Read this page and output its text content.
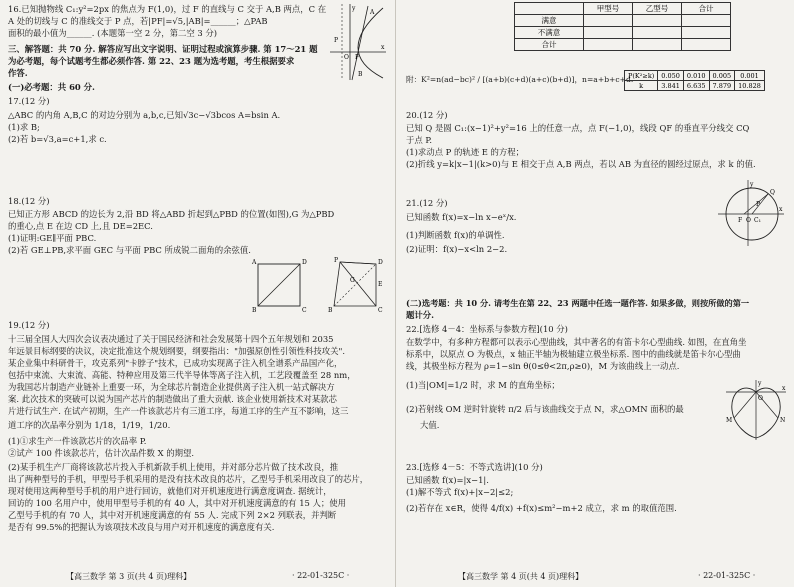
16.已知抛物线 C₁:y²=2px 的焦点为 F(1,0)，过 F 的直线与 C 交于 A,B 两点，C 在

A 处的切线与 C 的准线交于 P 点，若|PF|=√5,|AB|=______；△PAB

面积的最小值为______. (本题第一空 2 分，第二空 3 分)

三、解答题：共 70 分. 解答应写出文字说明、证明过程或演算步骤. 第 17～21 题

为必考题，每个试题考生都必须作答. 第 22、23 题为选考题，考生根据要求

作答.

(一)必考题：共 60 分.

17.(12 分)

△ABC 的内角 A,B,C 的对边分别为 a,b,c,已知√3c−√3bcos A=bsin A.

(1)求 B;

(2)若 b=√3,a=c+1,求 c.

18.(12 分)

已知正方形 ABCD 的边长为 2,沿 BD 将△ABD 折起到△PBD 的位置(如图),G 为△PBD

的重心,点 E 在边 CD 上,且 DE=2EC.

(1)证明:GE∥平面 PBC.

(2)若 GE⊥PB,求平面 GEC 与平面 PBC 所成锐二面角的余弦值.

19.(12 分)

十三届全国人大四次会议表决通过了关于国民经济和社会发展第十四个五年规划和 2035

年远景目标纲要的决议，决定批准这个规划纲要，纲要指出："加强原创性引领性科技攻关".

某企业集中科研骨干，攻克系列"卡脖子"技术，已成功实现离子注入机全谱系产品国产化，

包括中束流、大束流、高能、特种应用及第三代半导体等离子注入机，工艺段覆盖至 28 nm，

为我国芯片制造产业链补上重要一环，为全球芯片制造企业提供离子注入机一站式解决方

案. 此次技术的突破可以说为国产芯片的制造做出了重大贡献. 该企业使用新技术对某款芯

片进行试生产. 在试产初期，生产一件该款芯片有三道工序，每道工序的生产互不影响，这三

道工序的次品率分别为 1/18，1/19，1/20.

(1)①求生产一件该款芯片的次品率 P.

②试产 100 件该款芯片，估计次品件数 X 的期望.

(2)某手机生产厂商将该款芯片投入手机新款手机上使用，并对部分芯片做了技术改良，推

出了两种型号的手机，甲型号手机采用的是没有技术改良的芯片，乙型号手机采用改良了的芯片，

现对使用这两种型号手机的用户进行回访，就他们对开机速度进行满意度调查. 据统计，

回访的 100 名用户中，使用甲型号手机的有 40 人，其中对开机速度满意的有 15 人；使用

乙型号手机的有 70 人，其中对开机速度满意的有 55 人. 完成下列 2×2 列联表，并判断

是否有 99.5%的把握认为该项技术改良与用户对开机速度的满意度有关.

A
B
P
F
O
x
y
A
B	C
D	P	D
G
E
B	C
【高三数学 第 3 页(共 4 页)理科】	· 22-01-325C ·
	甲型号	乙型号	合计
满意			
不满意			
合计			

附：K²=n(ad−bc)² / [(a+b)(c+d)(a+c)(b+d)]，n=a+b+c+d.

P(K²≥k)	0.050	0.010	0.005	0.001
k	3.841	6.635	7.879	10.828

20.(12 分)

已知 Q 是圆 C₁:(x−1)²+y²=16 上的任意一点，点 F(−1,0)，线段 QF 的垂直平分线交 CQ

于点 P.

(1)求动点 P 的轨迹 E 的方程；

(2)折线 y=k|x−1|(k>0)与 E 相交于点 A,B 两点，若以 AB 为直径的圆经过原点，求 k 的值.

21.(12 分)

已知函数 f(x)=x−ln x−eˣ/x.

(1)判断函数 f(x)的单调性.

(2)证明：f(x)−x<ln 2−2.

(二)选考题：共 10 分. 请考生在第 22、23 两题中任选一题作答. 如果多做，则按所做的第一

题计分.

22.[选修 4－4：坐标系与参数方程](10 分)

在数学中，有多种方程都可以表示心型曲线，其中著名的有笛卡尔心型曲线. 如图，在直角坐

标系中，以原点 O 为极点，x 轴正半轴为极轴建立极坐标系. 图中的曲线就是笛卡尔心型曲

线，其极坐标方程为 ρ=1−sin θ(0≤θ<2π,ρ≥0)，M 为该曲线上一动点.

(1)当|OM|=1/2 时，求 M 的直角坐标；

(2)若射线 OM 逆时针旋转 π/2 后与该曲线交于点 N，求△OMN 面积的最

大值.

23.[选修 4－5：不等式选讲](10 分)

已知函数 f(x)=|x−1|.

(1)解不等式 f(x)+|x−2|≤2;

(2)若存在 x∈R，使得 4/f(x) +f(x)≤m²−m+2 成立，求 m 的取值范围.

Q
P
F O C₁
x
y
M	N
O
x
y
【高三数学 第 4 页(共 4 页)理科】	· 22-01-325C ·
